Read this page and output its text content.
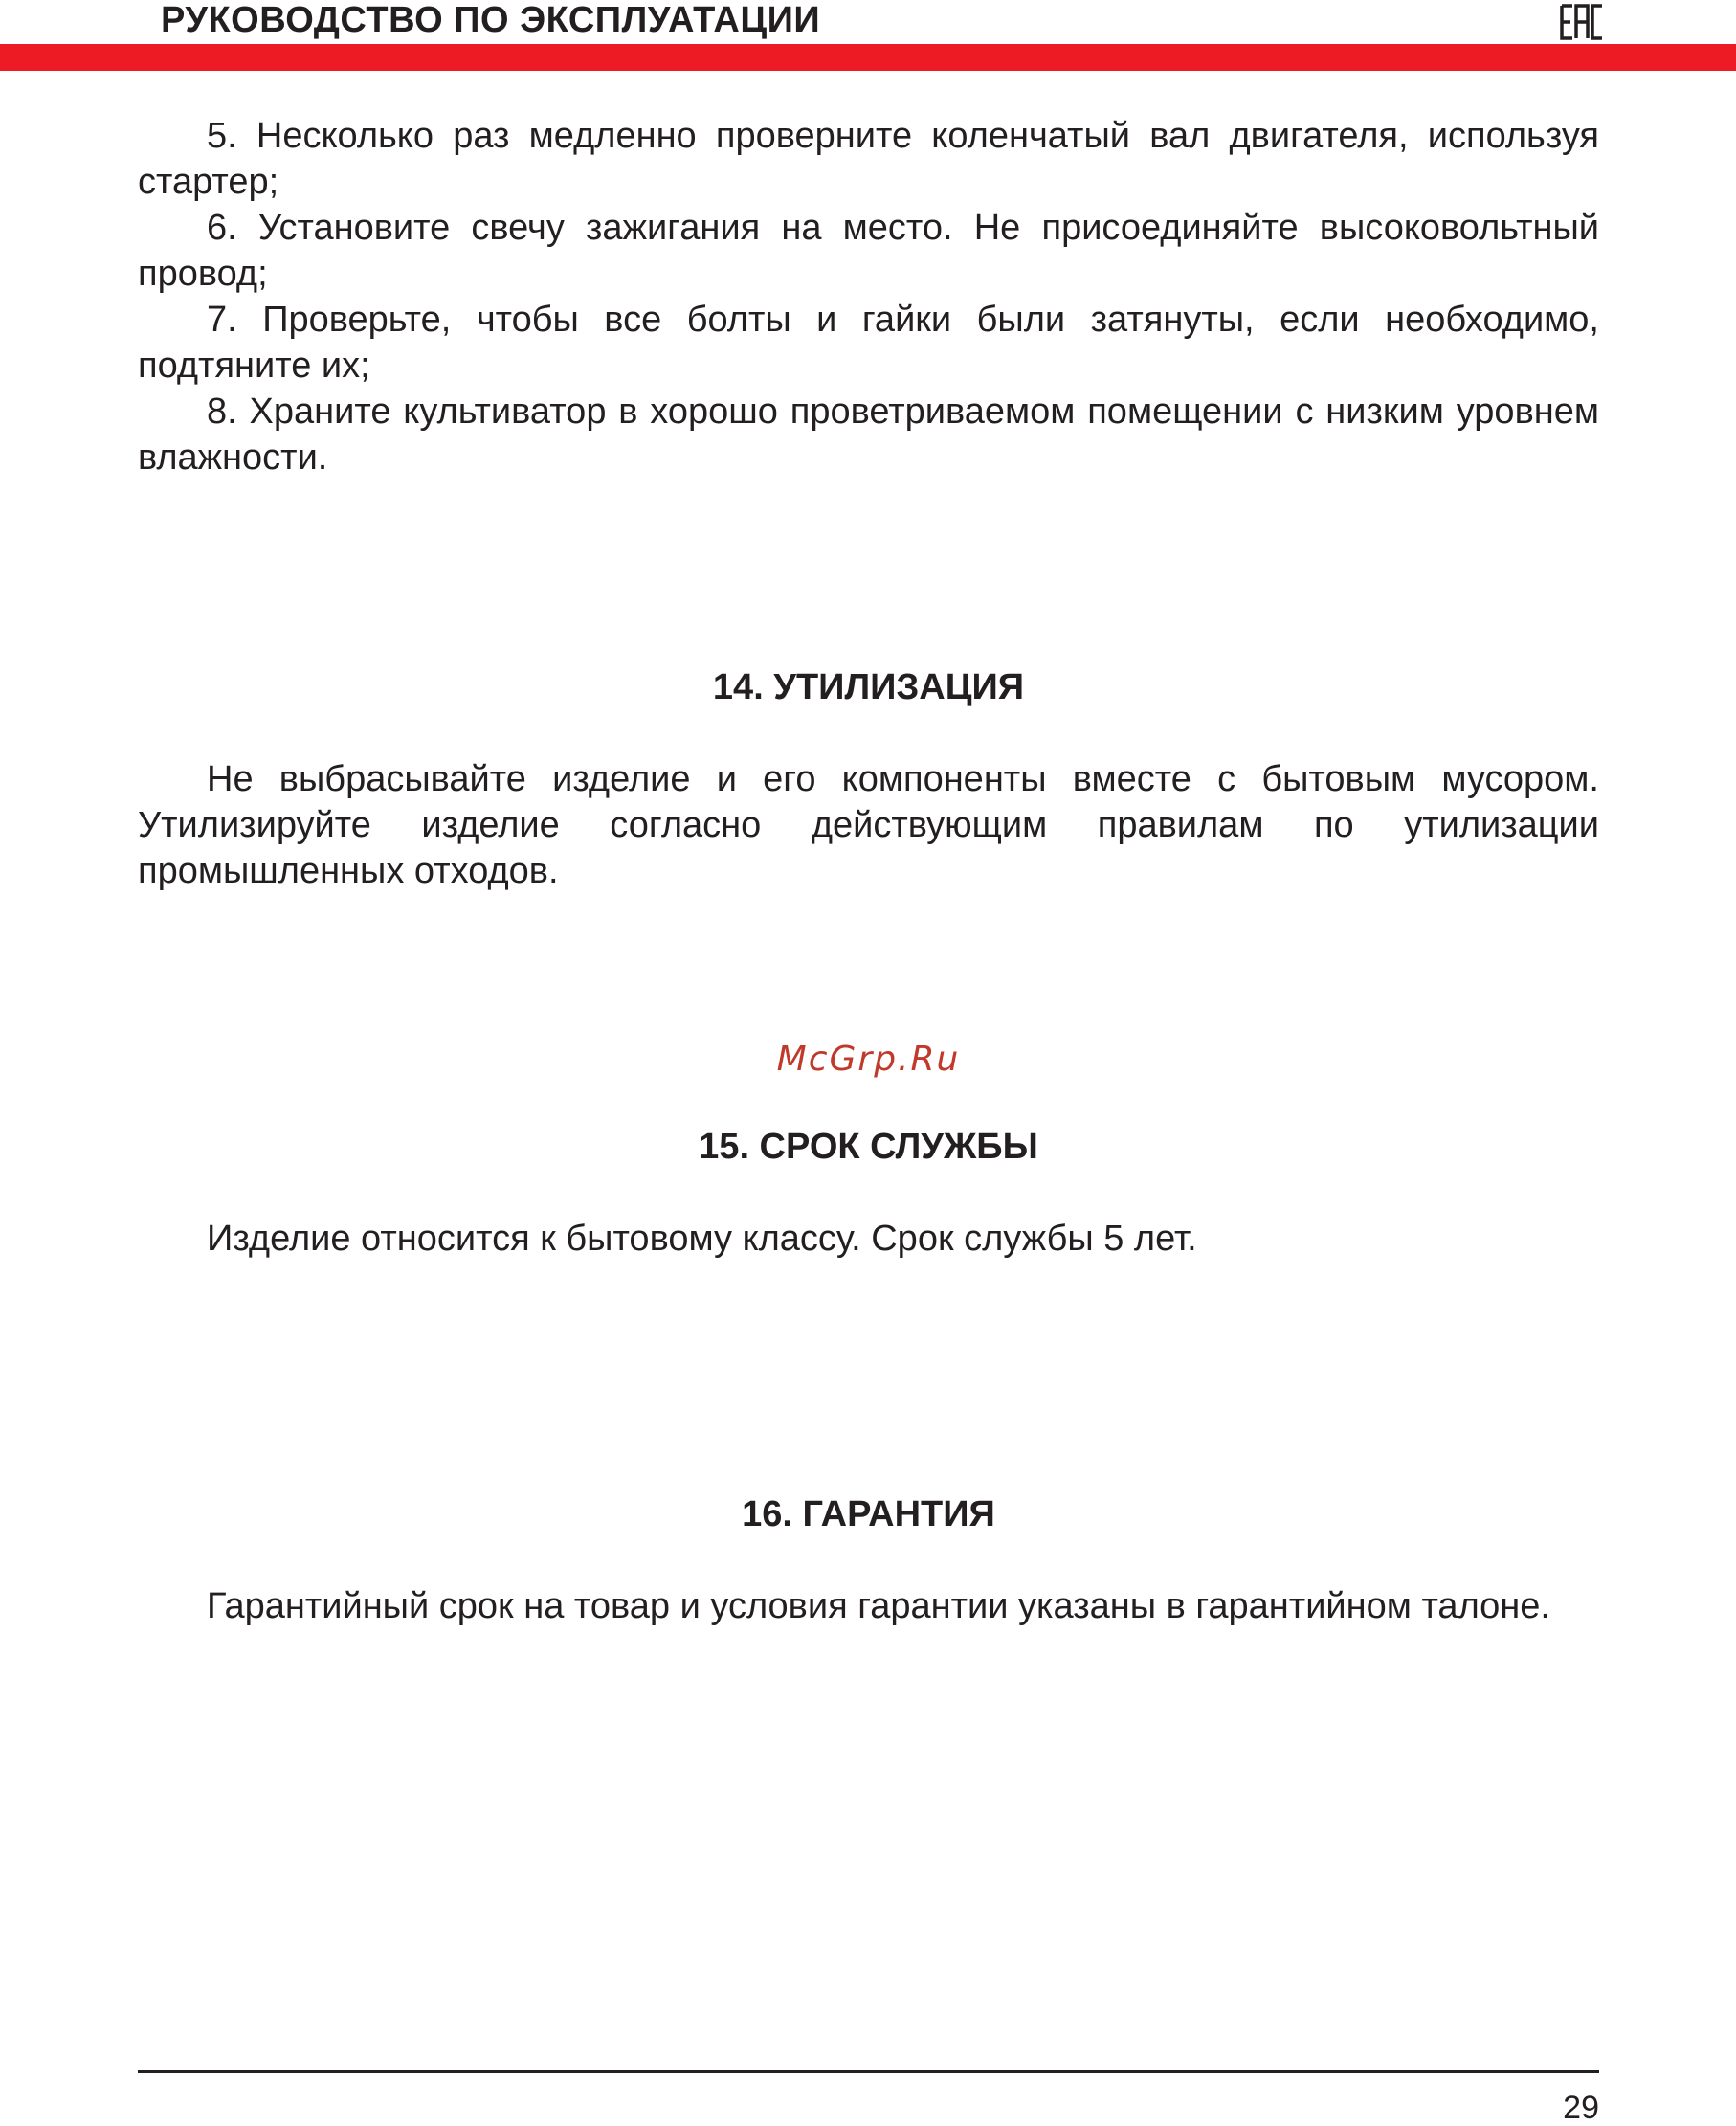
РУКОВОДСТВО ПО ЭКСПЛУАТАЦИИ

5. Несколько раз медленно проверните коленчатый вал двигателя, используя стартер;

6. Установите свечу зажигания на место. Не присоединяйте высоковольтный провод;

7. Проверьте, чтобы все болты и гайки были затянуты, если необходимо, подтяните их;

8. Храните культиватор в хорошо проветриваемом помещении с низким уровнем влажности.

14. УТИЛИЗАЦИЯ

Не выбрасывайте изделие и его компоненты вместе с бытовым мусором. Утилизируйте изделие согласно действующим правилам по утилизации промышленных отходов.

McGrp.Ru
15. СРОК СЛУЖБЫ

Изделие относится к бытовому классу. Срок службы 5 лет.

16. ГАРАНТИЯ

Гарантийный срок на товар и условия гарантии указаны в гарантийном талоне.

29
